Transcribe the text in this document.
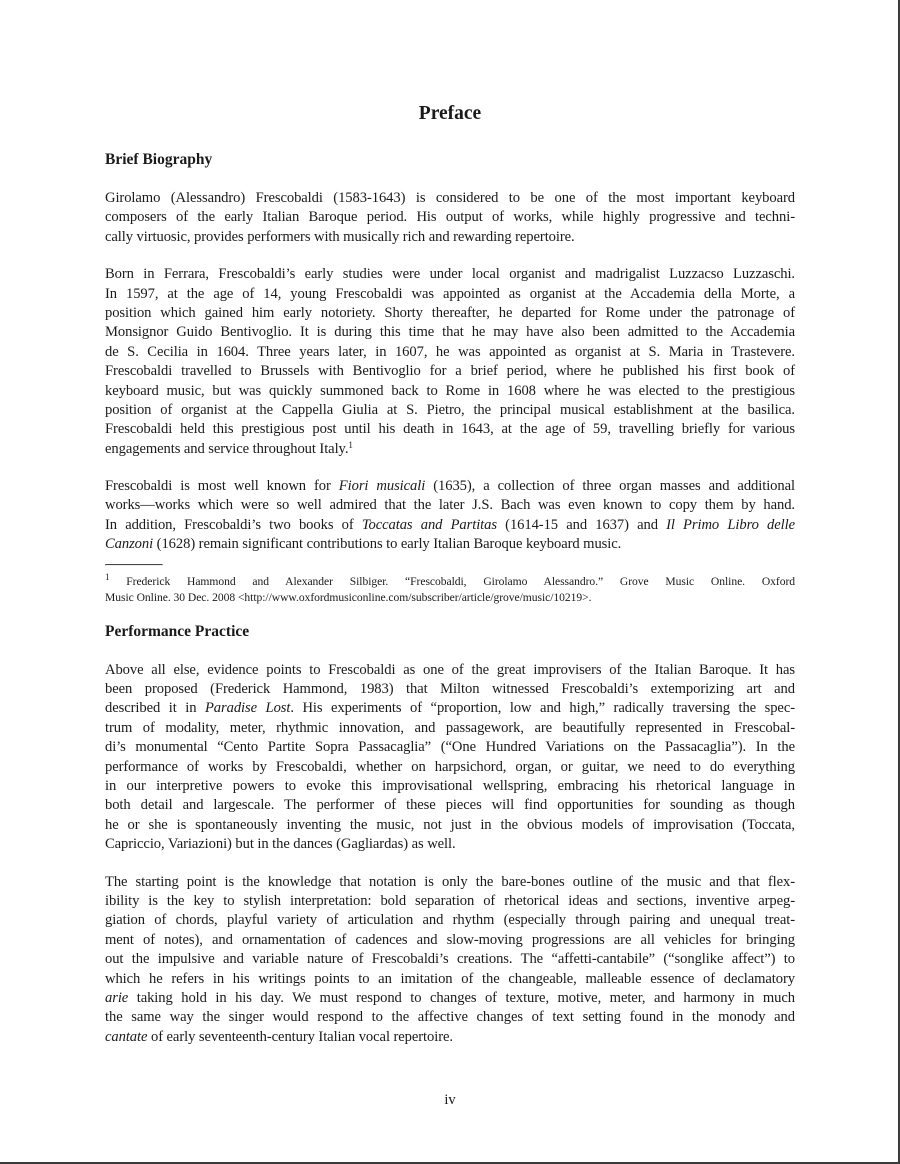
Preface
Brief Biography
Girolamo (Alessandro) Frescobaldi (1583-1643) is considered to be one of the most important keyboard
composers of the early Italian Baroque period. His output of works, while highly progressive and techni-
cally virtuosic, provides performers with musically rich and rewarding repertoire.
Born in Ferrara, Frescobaldi’s early studies were under local organist and madrigalist Luzzacso Luzzaschi.
In 1597, at the age of 14, young Frescobaldi was appointed as organist at the Accademia della Morte, a
position which gained him early notoriety. Shorty thereafter, he departed for Rome under the patronage of
Monsignor Guido Bentivoglio. It is during this time that he may have also been admitted to the Accademia
de S. Cecilia in 1604. Three years later, in 1607, he was appointed as organist at S. Maria in Trastevere.
Frescobaldi travelled to Brussels with Bentivoglio for a brief period, where he published his first book of
keyboard music, but was quickly summoned back to Rome in 1608 where he was elected to the prestigious
position of organist at the Cappella Giulia at S. Pietro, the principal musical establishment at the basilica.
Frescobaldi held this prestigious post until his death in 1643, at the age of 59, travelling briefly for various
engagements and service throughout Italy.$^1$
Frescobaldi is most well known for Fiori musicali (1635), a collection of three organ masses and additional
works—works which were so well admired that the later J.S. Bach was even known to copy them by hand.
In addition, Frescobaldi’s two books of Toccatas and Partitas (1614-15 and 1637) and Il Primo Libro delle
Canzoni (1628) remain significant contributions to early Italian Baroque keyboard music.
$^1$ Frederick Hammond and Alexander Silbiger. “Frescobaldi, Girolamo Alessandro.” Grove Music Online. Oxford
Music Online. 30 Dec. 2008 <http://www.oxfordmusiconline.com/subscriber/article/grove/music/10219>.
Performance Practice
Above all else, evidence points to Frescobaldi as one of the great improvisers of the Italian Baroque. It has
been proposed (Frederick Hammond, 1983) that Milton witnessed Frescobaldi’s extemporizing art and
described it in Paradise Lost. His experiments of “proportion, low and high,” radically traversing the spec-
trum of modality, meter, rhythmic innovation, and passagework, are beautifully represented in Frescobal-
di’s monumental “Cento Partite Sopra Passacaglia” (“One Hundred Variations on the Passacaglia”). In the
performance of works by Frescobaldi, whether on harpsichord, organ, or guitar, we need to do everything
in our interpretive powers to evoke this improvisational wellspring, embracing his rhetorical language in
both detail and largescale. The performer of these pieces will find opportunities for sounding as though
he or she is spontaneously inventing the music, not just in the obvious models of improvisation (Toccata,
Capriccio, Variazioni) but in the dances (Gagliardas) as well.
The starting point is the knowledge that notation is only the bare-bones outline of the music and that flex-
ibility is the key to stylish interpretation: bold separation of rhetorical ideas and sections, inventive arpeg-
giation of chords, playful variety of articulation and rhythm (especially through pairing and unequal treat-
ment of notes), and ornamentation of cadences and slow-moving progressions are all vehicles for bringing
out the impulsive and variable nature of Frescobaldi’s creations. The “affetti-cantabile” (“songlike affect”) to
which he refers in his writings points to an imitation of the changeable, malleable essence of declamatory
arie taking hold in his day. We must respond to changes of texture, motive, meter, and harmony in much
the same way the singer would respond to the affective changes of text setting found in the monody and
cantate of early seventeenth-century Italian vocal repertoire.
iv
